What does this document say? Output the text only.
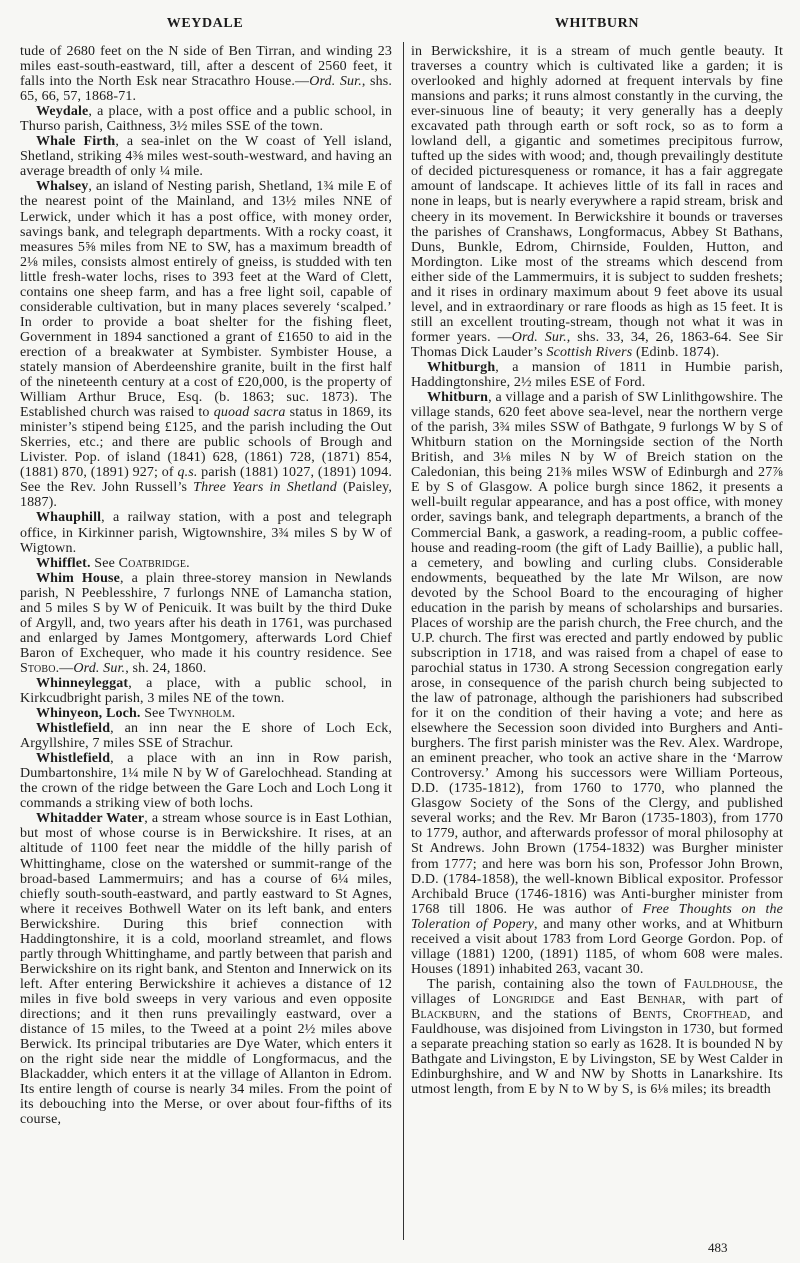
WEYDALE	WHITBURN

tude of 2680 feet on the N side of Ben Tirran, and winding 23 miles east-south-eastward, till, after a descent of 2560 feet, it falls into the North Esk near Stracathro House.—Ord. Sur., shs. 65, 66, 57, 1868-71.

Weydale, a place, with a post office and a public school, in Thurso parish, Caithness, 3½ miles SSE of the town.

Whale Firth, a sea-inlet on the W coast of Yell island, Shetland, striking 4⅜ miles west-south-westward, and having an average breadth of only ¼ mile.

Whalsey, an island of Nesting parish, Shetland, 1¾ mile E of the nearest point of the Mainland, and 13½ miles NNE of Lerwick, under which it has a post office, with money order, savings bank, and telegraph departments. With a rocky coast, it measures 5⅝ miles from NE to SW, has a maximum breadth of 2⅛ miles, consists almost entirely of gneiss, is studded with ten little fresh-water lochs, rises to 393 feet at the Ward of Clett, contains one sheep farm, and has a free light soil, capable of considerable cultivation, but in many places severely ‘scalped.’ In order to provide a boat shelter for the fishing fleet, Government in 1894 sanctioned a grant of £1650 to aid in the erection of a breakwater at Symbister. Symbister House, a stately mansion of Aberdeenshire granite, built in the first half of the nineteenth century at a cost of £20,000, is the property of William Arthur Bruce, Esq. (b. 1863; suc. 1873). The Established church was raised to quoad sacra status in 1869, its minister’s stipend being £125, and the parish including the Out Skerries, etc.; and there are public schools of Brough and Livister. Pop. of island (1841) 628, (1861) 728, (1871) 854, (1881) 870, (1891) 927; of q.s. parish (1881) 1027, (1891) 1094. See the Rev. John Russell’s Three Years in Shetland (Paisley, 1887).

Whauphill, a railway station, with a post and telegraph office, in Kirkinner parish, Wigtownshire, 3¾ miles S by W of Wigtown.

Whifflet. See Coatbridge.

Whim House, a plain three-storey mansion in Newlands parish, N Peeblesshire, 7 furlongs NNE of Lamancha station, and 5 miles S by W of Penicuik. It was built by the third Duke of Argyll, and, two years after his death in 1761, was purchased and enlarged by James Montgomery, afterwards Lord Chief Baron of Exchequer, who made it his country residence. See Stobo.—Ord. Sur., sh. 24, 1860.

Whinneyleggat, a place, with a public school, in Kirkcudbright parish, 3 miles NE of the town.

Whinyeon, Loch. See Twynholm.

Whistlefield, an inn near the E shore of Loch Eck, Argyllshire, 7 miles SSE of Strachur.

Whistlefield, a place with an inn in Row parish, Dumbartonshire, 1¼ mile N by W of Garelochhead. Standing at the crown of the ridge between the Gare Loch and Loch Long it commands a striking view of both lochs.

Whitadder Water, a stream whose source is in East Lothian, but most of whose course is in Berwickshire. It rises, at an altitude of 1100 feet near the middle of the hilly parish of Whittinghame, close on the watershed or summit-range of the broad-based Lammermuirs; and has a course of 6¼ miles, chiefly south-south-eastward, and partly eastward to St Agnes, where it receives Bothwell Water on its left bank, and enters Berwickshire. During this brief connection with Haddingtonshire, it is a cold, moorland streamlet, and flows partly through Whittinghame, and partly between that parish and Berwickshire on its right bank, and Stenton and Innerwick on its left. After entering Berwickshire it achieves a distance of 12 miles in five bold sweeps in very various and even opposite directions; and it then runs prevailingly eastward, over a distance of 15 miles, to the Tweed at a point 2½ miles above Berwick. Its principal tributaries are Dye Water, which enters it on the right side near the middle of Longformacus, and the Blackadder, which enters it at the village of Allanton in Edrom. Its entire length of course is nearly 34 miles. From the point of its debouching into the Merse, or over about four-fifths of its course,

in Berwickshire, it is a stream of much gentle beauty. It traverses a country which is cultivated like a garden; it is overlooked and highly adorned at frequent intervals by fine mansions and parks; it runs almost constantly in the curving, the ever-sinuous line of beauty; it very generally has a deeply excavated path through earth or soft rock, so as to form a lowland dell, a gigantic and sometimes precipitous furrow, tufted up the sides with wood; and, though prevailingly destitute of decided picturesqueness or romance, it has a fair aggregate amount of landscape. It achieves little of its fall in races and none in leaps, but is nearly everywhere a rapid stream, brisk and cheery in its movement. In Berwickshire it bounds or traverses the parishes of Cranshaws, Longformacus, Abbey St Bathans, Duns, Bunkle, Edrom, Chirnside, Foulden, Hutton, and Mordington. Like most of the streams which descend from either side of the Lammermuirs, it is subject to sudden freshets; and it rises in ordinary maximum about 9 feet above its usual level, and in extraordinary or rare floods as high as 15 feet. It is still an excellent trouting-stream, though not what it was in former years. —Ord. Sur., shs. 33, 34, 26, 1863-64. See Sir Thomas Dick Lauder’s Scottish Rivers (Edinb. 1874).

Whitburgh, a mansion of 1811 in Humbie parish, Haddingtonshire, 2½ miles ESE of Ford.

Whitburn, a village and a parish of SW Linlithgowshire. The village stands, 620 feet above sea-level, near the northern verge of the parish, 3¾ miles SSW of Bathgate, 9 furlongs W by S of Whitburn station on the Morningside section of the North British, and 3⅛ miles N by W of Breich station on the Caledonian, this being 21⅜ miles WSW of Edinburgh and 27⅞ E by S of Glasgow. A police burgh since 1862, it presents a well-built regular appearance, and has a post office, with money order, savings bank, and telegraph departments, a branch of the Commercial Bank, a gaswork, a reading-room, a public coffee-house and reading-room (the gift of Lady Baillie), a public hall, a cemetery, and bowling and curling clubs. Considerable endowments, bequeathed by the late Mr Wilson, are now devoted by the School Board to the encouraging of higher education in the parish by means of scholarships and bursaries. Places of worship are the parish church, the Free church, and the U.P. church. The first was erected and partly endowed by public subscription in 1718, and was raised from a chapel of ease to parochial status in 1730. A strong Secession congregation early arose, in consequence of the parish church being subjected to the law of patronage, although the parishioners had subscribed for it on the condition of their having a vote; and here as elsewhere the Secession soon divided into Burghers and Anti-burghers. The first parish minister was the Rev. Alex. Wardrope, an eminent preacher, who took an active share in the ‘Marrow Controversy.’ Among his successors were William Porteous, D.D. (1735-1812), from 1760 to 1770, who planned the Glasgow Society of the Sons of the Clergy, and published several works; and the Rev. Mr Baron (1735-1803), from 1770 to 1779, author, and afterwards professor of moral philosophy at St Andrews. John Brown (1754-1832) was Burgher minister from 1777; and here was born his son, Professor John Brown, D.D. (1784-1858), the well-known Biblical expositor. Professor Archibald Bruce (1746-1816) was Anti-burgher minister from 1768 till 1806. He was author of Free Thoughts on the Toleration of Popery, and many other works, and at Whitburn received a visit about 1783 from Lord George Gordon. Pop. of village (1881) 1200, (1891) 1185, of whom 608 were males. Houses (1891) inhabited 263, vacant 30.

The parish, containing also the town of Fauldhouse, the villages of Longridge and East Benhar, with part of Blackburn, and the stations of Bents, Crofthead, and Fauldhouse, was disjoined from Livingston in 1730, but formed a separate preaching station so early as 1628. It is bounded N by Bathgate and Livingston, E by Livingston, SE by West Calder in Edinburghshire, and W and NW by Shotts in Lanarkshire. Its utmost length, from E by N to W by S, is 6⅛ miles; its breadth

483
